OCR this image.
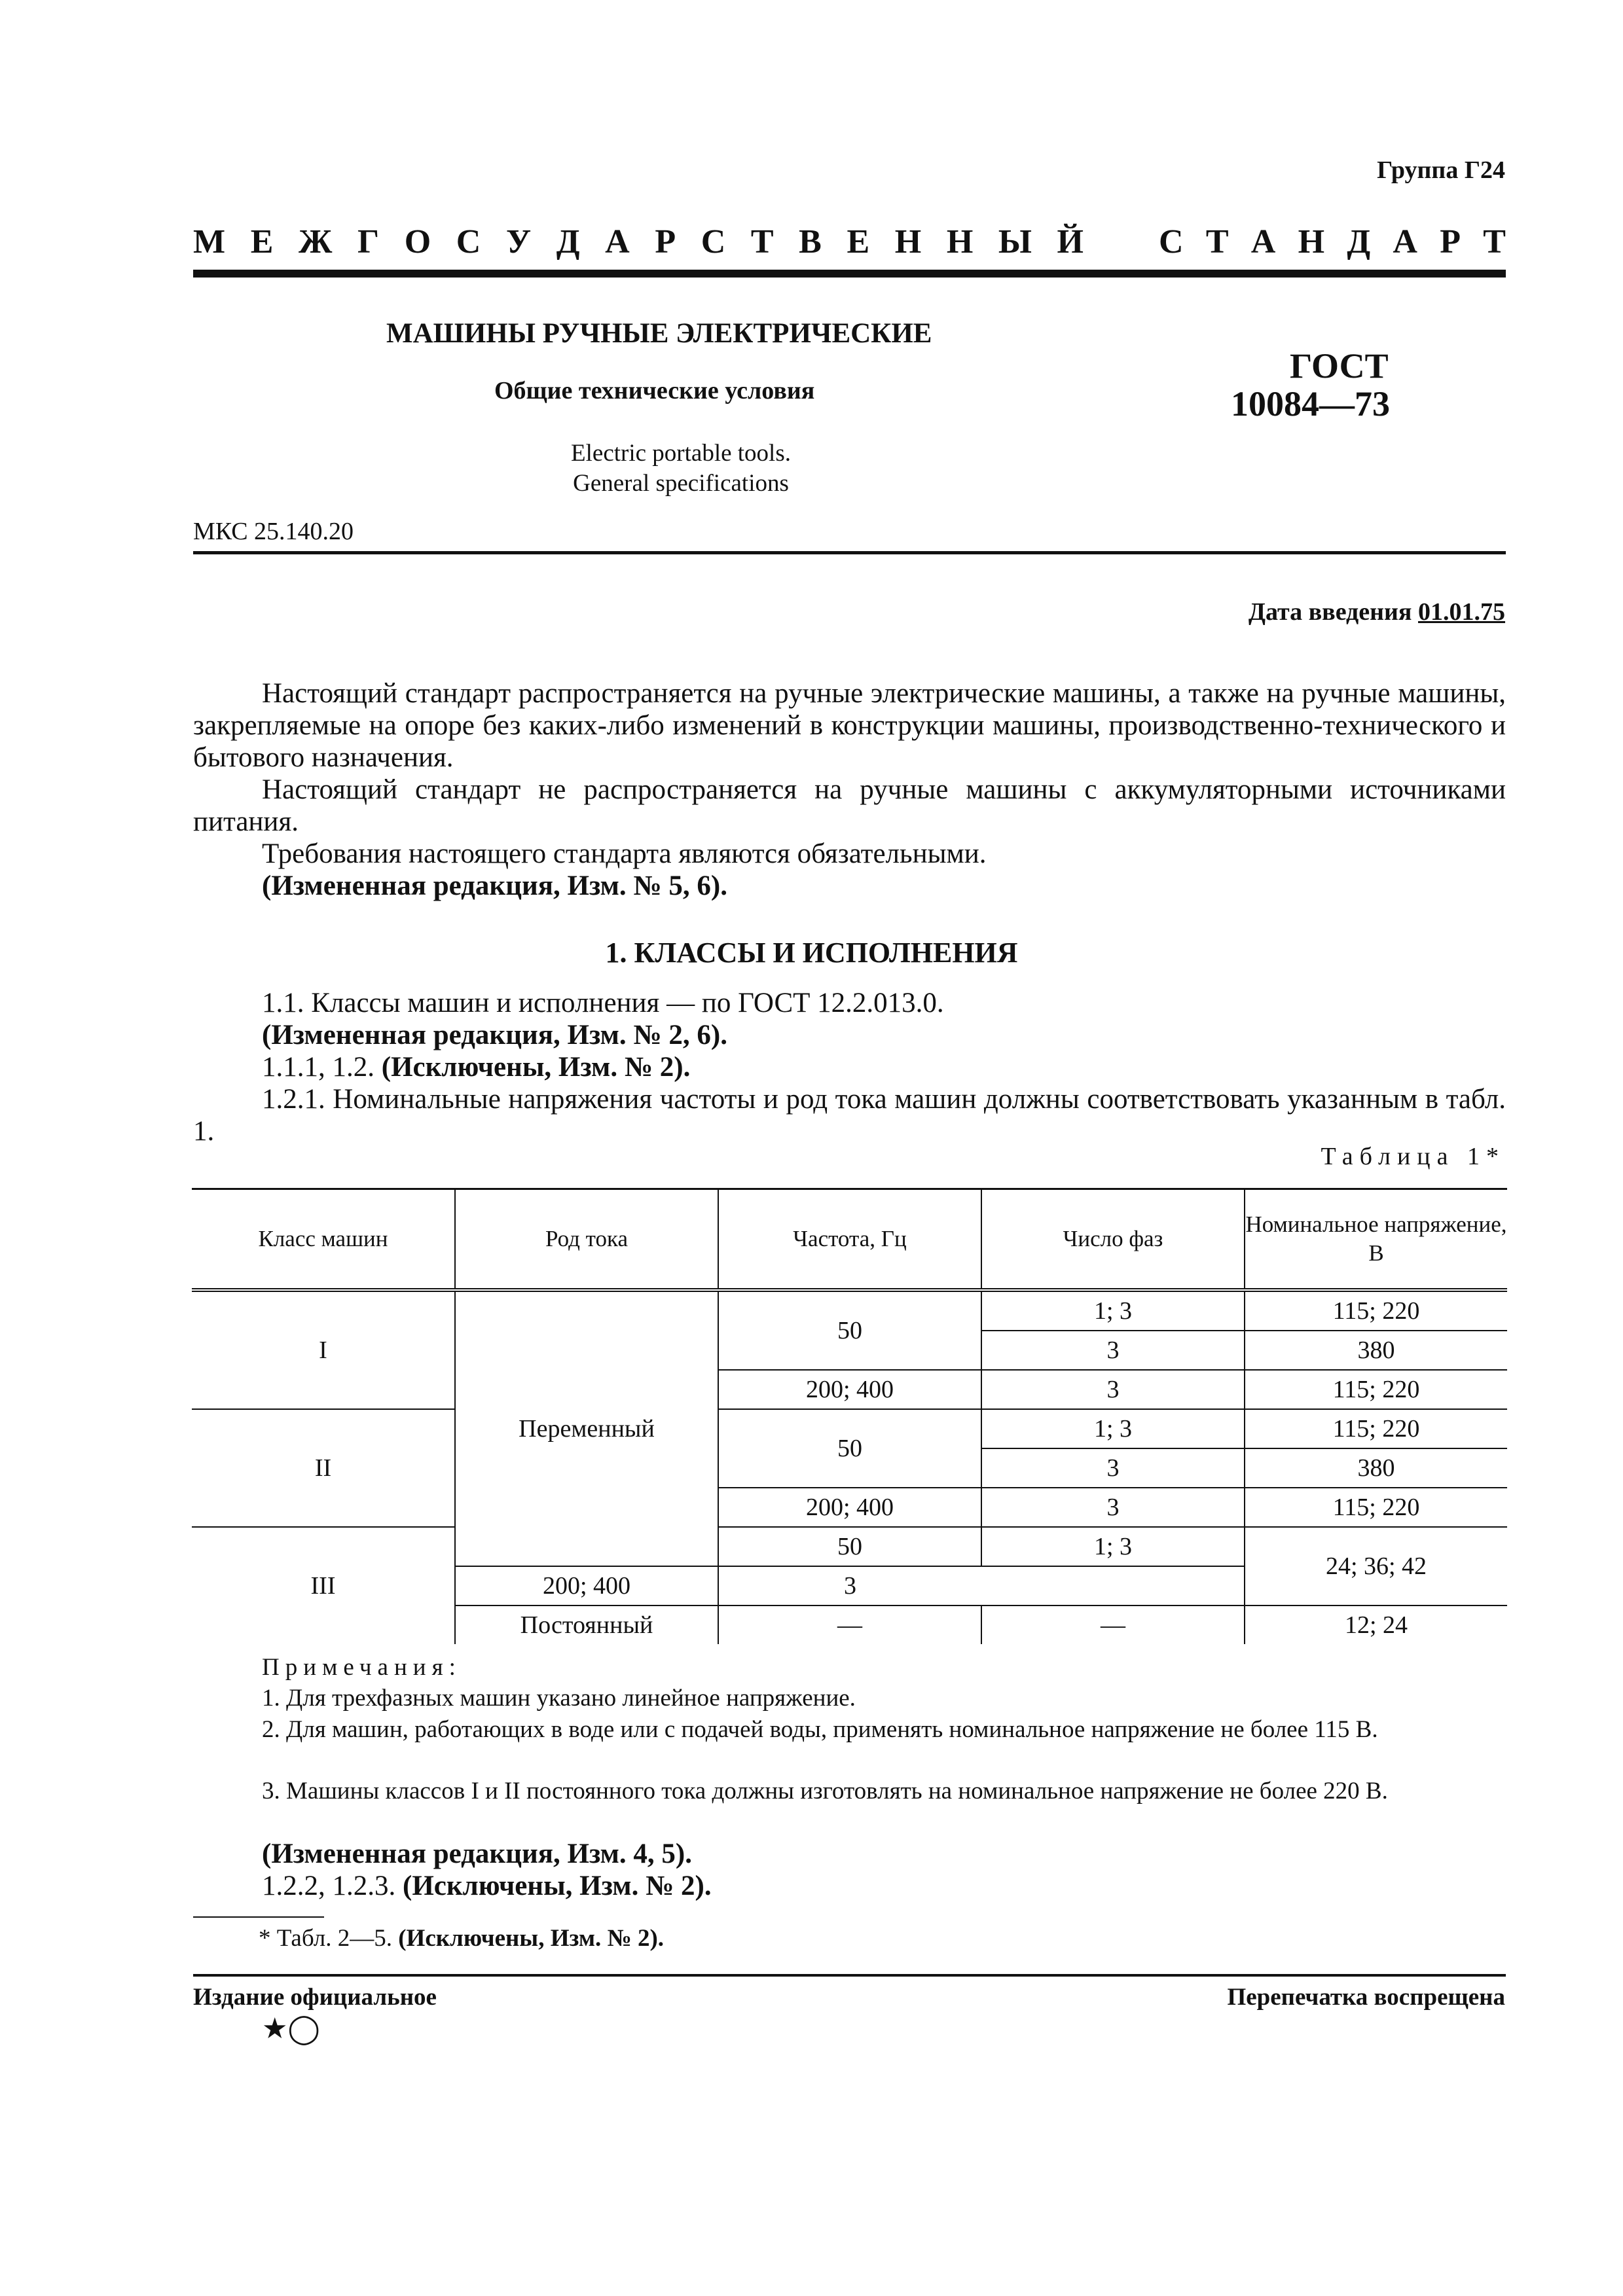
Группа Г24
М Е Ж Г О С У Д А Р С Т В Е Н Н Ы Й С Т А Н Д А Р Т
МАШИНЫ РУЧНЫЕ ЭЛЕКТРИЧЕСКИЕ
Общие технические условия
Electric portable tools.
General specifications
ГОСТ
10084—73
МКС 25.140.20
Дата введения 01.01.75
Настоящий стандарт распространяется на ручные электрические машины, а также на ручные машины, закрепляемые на опоре без каких-либо изменений в конструкции машины, производственно-технического и бытового назначения.
Настоящий стандарт не распространяется на ручные машины с аккумуляторными источниками питания.
Требования настоящего стандарта являются обязательными.
(Измененная редакция, Изм. № 5, 6).
1. КЛАССЫ И ИСПОЛНЕНИЯ
1.1. Классы машин и исполнения — по ГОСТ 12.2.013.0.
(Измененная редакция, Изм. № 2, 6).
1.1.1, 1.2. (Исключены, Изм. № 2).
1.2.1. Номинальные напряжения частоты и род тока машин должны соответствовать указанным в табл. 1.
Таблица 1*
Класс машин	Род тока	Частота, Гц	Число фаз	Номинальное напряжение, В
I	Переменный	50	1; 3	115; 220
			3	380
		200; 400	3	115; 220
II		50	1; 3	115; 220
			3	380
		200; 400	3	115; 220
III		50	1; 3	24; 36; 42
	200; 400	3		
	Постоянный	—	—	12; 24
Примечания:
1. Для трехфазных машин указано линейное напряжение.
2. Для машин, работающих в воде или с подачей воды, применять номинальное напряжение не более 115 В.
3. Машины классов I и II постоянного тока должны изготовлять на номинальное напряжение не более 220 В.
(Измененная редакция, Изм. 4, 5).
1.2.2, 1.2.3. (Исключены, Изм. № 2).
* Табл. 2—5. (Исключены, Изм. № 2).
Издание официальное	Перепечатка воспрещена
★◯
